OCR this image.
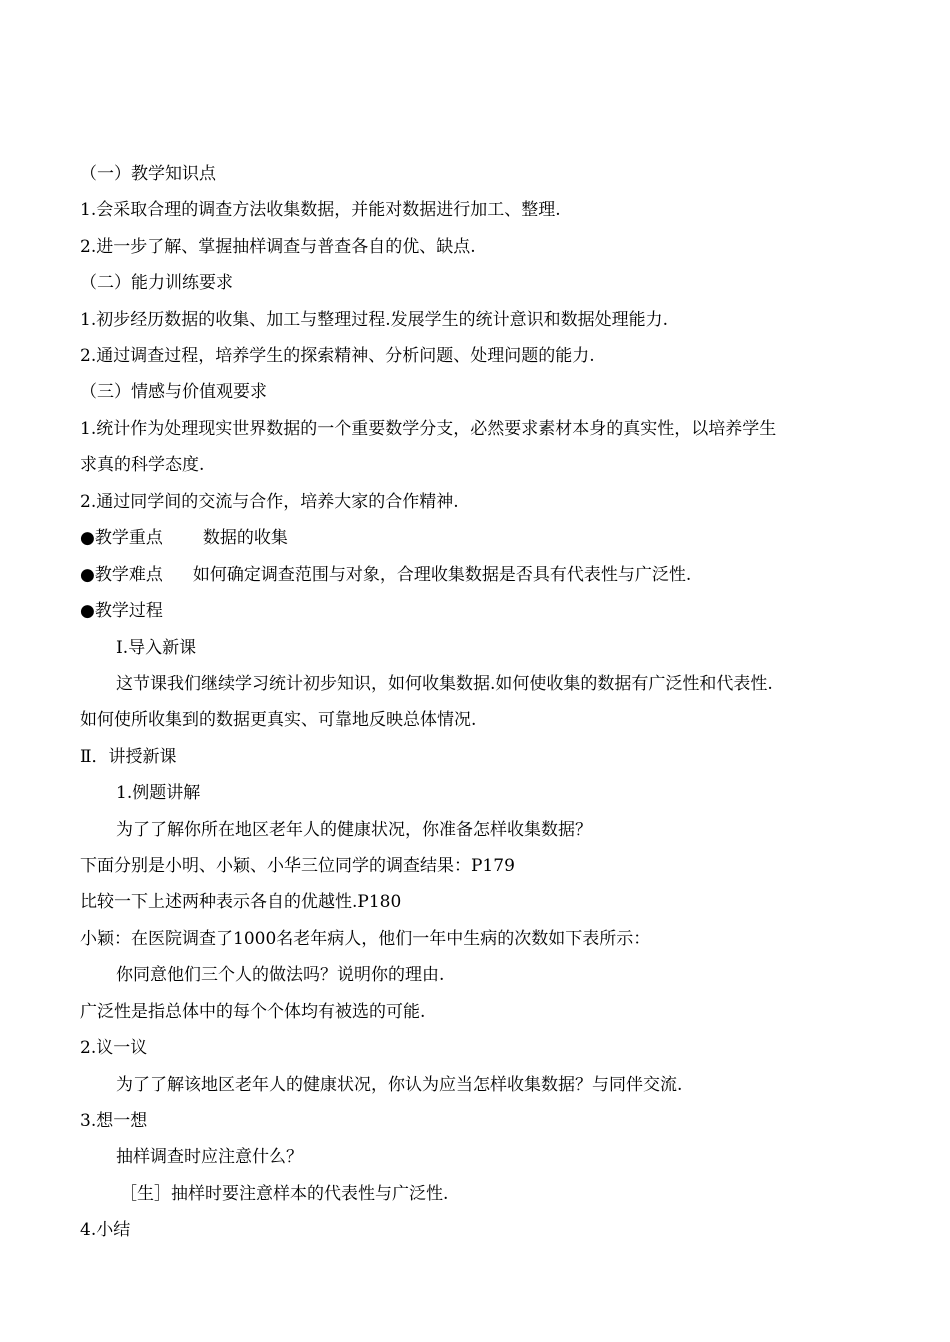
（一）教学知识点
1.会采取合理的调查方法收集数据，并能对数据进行加工、整理.
2.进一步了解、掌握抽样调查与普查各自的优、缺点.
（二）能力训练要求
1.初步经历数据的收集、加工与整理过程.发展学生的统计意识和数据处理能力.
2.通过调查过程，培养学生的探索精神、分析问题、处理问题的能力.
（三）情感与价值观要求
1.统计作为处理现实世界数据的一个重要数学分支，必然要求素材本身的真实性，以培养学生
求真的科学态度.
2.通过同学间的交流与合作，培养大家的合作精神.
●教学重点 数据的收集
●教学难点 如何确定调查范围与对象，合理收集数据是否具有代表性与广泛性.
●教学过程
Ⅰ.导入新课
这节课我们继续学习统计初步知识，如何收集数据.如何使收集的数据有广泛性和代表性.
如何使所收集到的数据更真实、可靠地反映总体情况.
Ⅱ．讲授新课
1.例题讲解
为了了解你所在地区老年人的健康状况，你准备怎样收集数据？
下面分别是小明、小颖、小华三位同学的调查结果：P179
比较一下上述两种表示各自的优越性.P180
小颖：在医院调查了1000名老年病人，他们一年中生病的次数如下表所示：
你同意他们三个人的做法吗？说明你的理由.
广泛性是指总体中的每个个体均有被选的可能.
2.议一议
为了了解该地区老年人的健康状况，你认为应当怎样收集数据？与同伴交流.
3.想一想
抽样调查时应注意什么？
［生］抽样时要注意样本的代表性与广泛性.
4.小结
